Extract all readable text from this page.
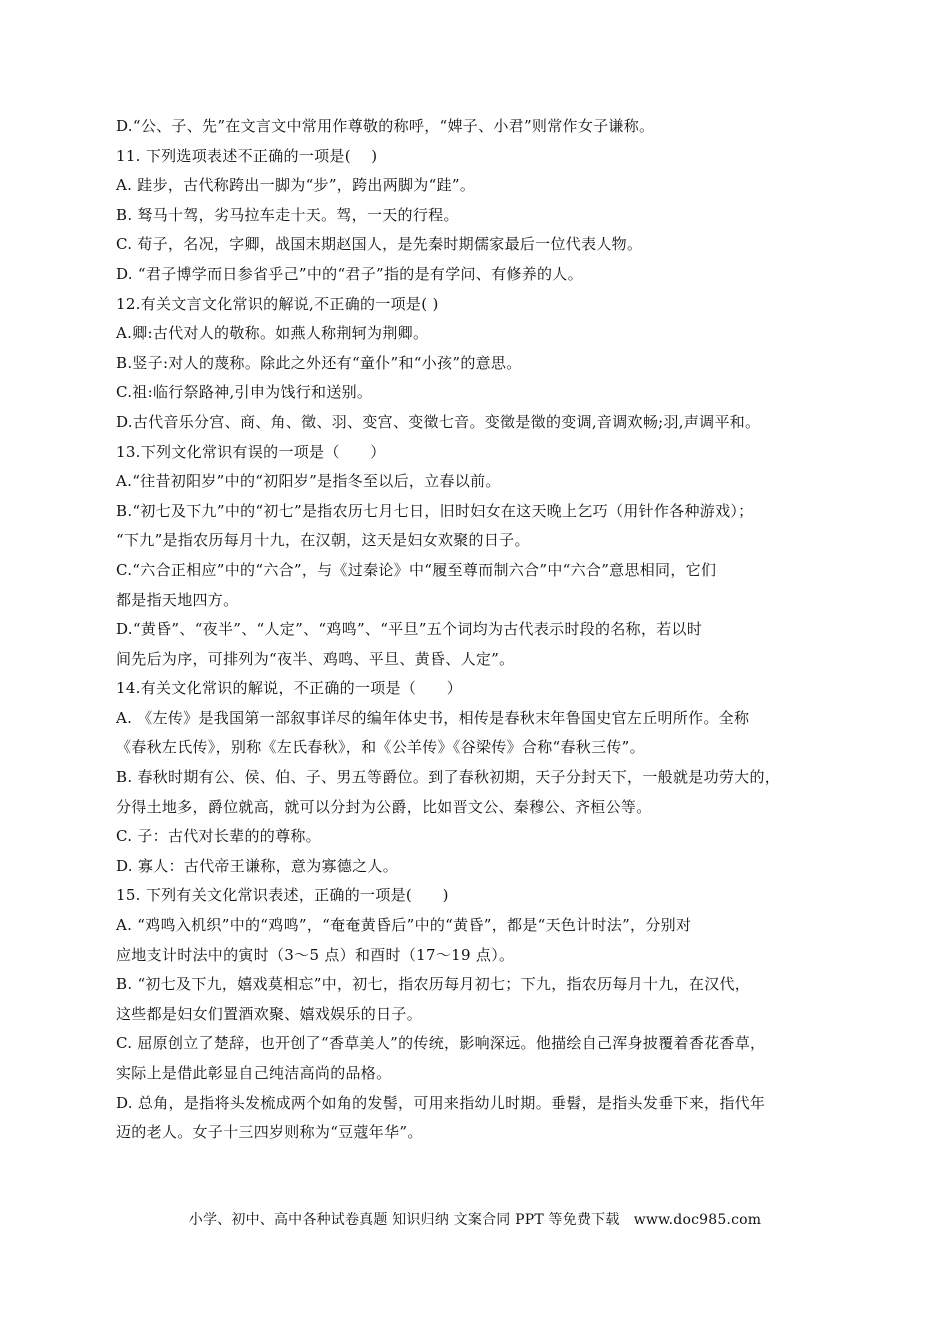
D.“公、子、先”在文言文中常用作尊敬的称呼，“婢子、小君”则常作女子谦称。
11. 下列选项表述不正确的一项是(　 )
A. 跬步，古代称跨出一脚为“步”，跨出两脚为“跬”。
B. 驽马十驾，劣马拉车走十天。驾，一天的行程。
C. 荀子，名况，字卿，战国末期赵国人，是先秦时期儒家最后一位代表人物。
D. “君子博学而日参省乎己”中的“君子”指的是有学问、有修养的人。
12.有关文言文化常识的解说,不正确的一项是( )
A.卿:古代对人的敬称。如燕人称荆轲为荆卿。
B.竖子:对人的蔑称。除此之外还有“童仆”和“小孩”的意思。
C.祖:临行祭路神,引申为饯行和送别。
D.古代音乐分宫、商、角、徵、羽、变宫、变徵七音。变徵是徵的变调,音调欢畅;羽,声调平和。
13.下列文化常识有误的一项是（　　）
A.“往昔初阳岁”中的“初阳岁”是指冬至以后，立春以前。
B.“初七及下九”中的“初七”是指农历七月七日，旧时妇女在这天晚上乞巧（用针作各种游戏）；
“下九”是指农历每月十九，在汉朝，这天是妇女欢聚的日子。
C.“六合正相应”中的“六合”，与《过秦论》中“履至尊而制六合”中“六合”意思相同，它们
都是指天地四方。
D.“黄昏”、“夜半”、“人定”、“鸡鸣”、“平旦”五个词均为古代表示时段的名称，若以时
间先后为序，可排列为“夜半、鸡鸣、平旦、黄昏、人定”。
14.有关文化常识的解说，不正确的一项是（　　）
A. 《左传》是我国第一部叙事详尽的编年体史书，相传是春秋末年鲁国史官左丘明所作。全称
《春秋左氏传》，别称《左氏春秋》，和《公羊传》《谷梁传》合称“春秋三传”。
B. 春秋时期有公、侯、伯、子、男五等爵位。到了春秋初期，天子分封天下，一般就是功劳大的，
分得土地多，爵位就高，就可以分封为公爵，比如晋文公、秦穆公、齐桓公等。
C. 子：古代对长辈的的尊称。
D. 寡人：古代帝王谦称，意为寡德之人。
15. 下列有关文化常识表述，正确的一项是(　　)
A. “鸡鸣入机织”中的“鸡鸣”，“奄奄黄昏后”中的“黄昏”，都是“天色计时法”，分别对
应地支计时法中的寅时（3～5 点）和酉时（17～19 点）。
B. “初七及下九，嬉戏莫相忘”中，初七，指农历每月初七；下九，指农历每月十九，在汉代，
这些都是妇女们置酒欢聚、嬉戏娱乐的日子。
C. 屈原创立了楚辞，也开创了“香草美人”的传统，影响深远。他描绘自己浑身披覆着香花香草，
实际上是借此彰显自己纯洁高尚的品格。
D. 总角，是指将头发梳成两个如角的发髻，可用来指幼儿时期。垂髫，是指头发垂下来，指代年
迈的老人。女子十三四岁则称为“豆蔻年华”。
小学、初中、高中各种试卷真题 知识归纳 文案合同 PPT 等免费下载　www.doc985.com
